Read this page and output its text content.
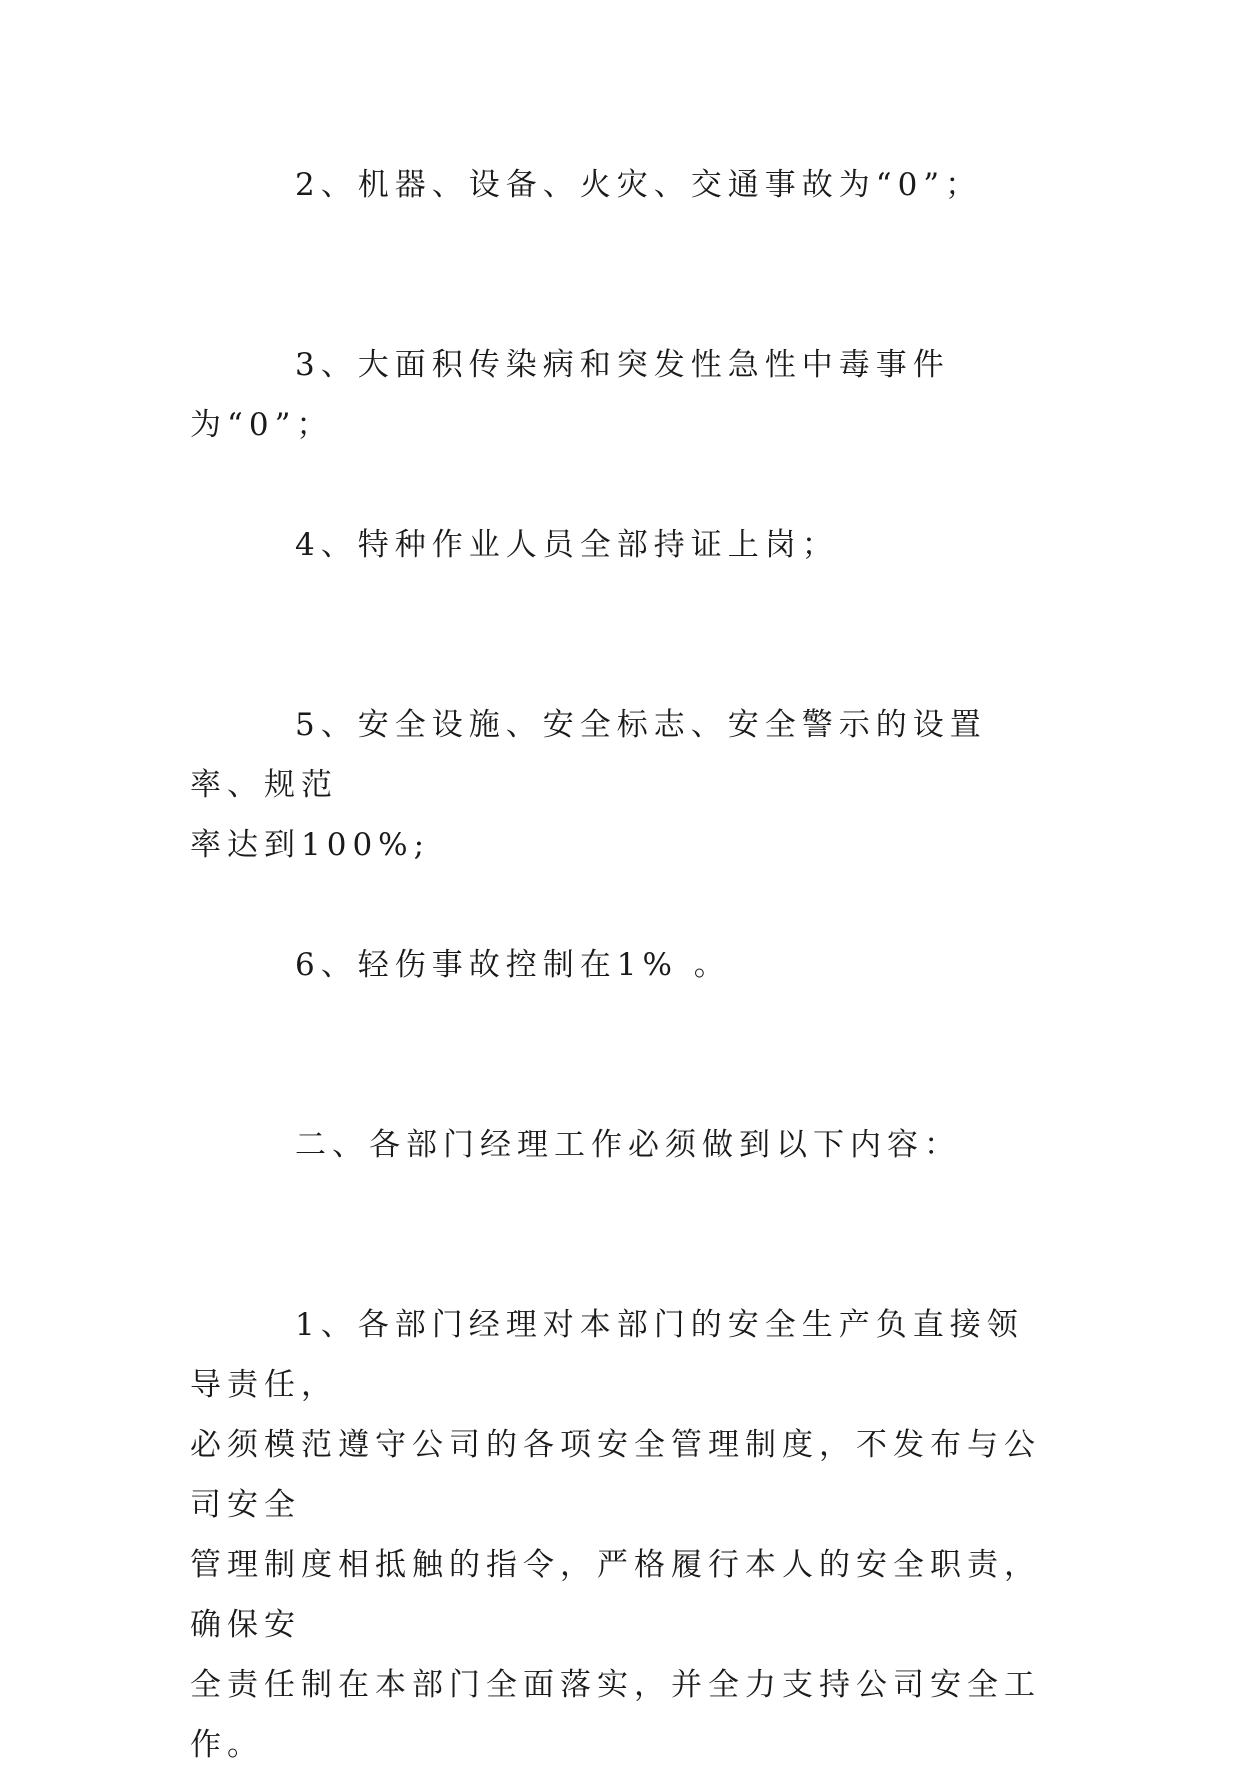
2、机器、设备、火灾、交通事故为“0”；
3、大面积传染病和突发性急性中毒事件为“0”；
4、特种作业人员全部持证上岗；
5、安全设施、安全标志、安全警示的设置率、规范
率达到100%;
6、轻伤事故控制在1% 。
二、各部门经理工作必须做到以下内容：
1、各部门经理对本部门的安全生产负直接领导责任，
必须模范遵守公司的各项安全管理制度，不发布与公司安全
管理制度相抵触的指令，严格履行本人的安全职责，确保安
全责任制在本部门全面落实，并全力支持公司安全工作。
